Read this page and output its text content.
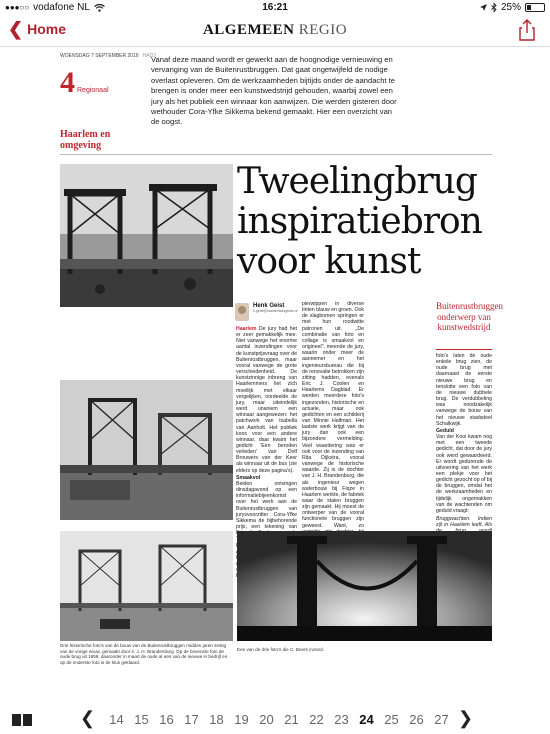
●●●○○ vodafone NL	16:21	25%
❮ Home	ALGEMEEN REGIO
WOENSDAG 7 SEPTEMBER 2016 HAD2
4 Regionaal
Vanaf deze maand wordt er gewerkt aan de hoognodige vernieuwing en vervanging van de Buitenrustbruggen. Dat gaat ongetwijfeld de nodige overlast opleveren. Om de werkzaamheden bijtijds onder de aandacht te brengen is onder meer een kunstwedstrijd gehouden, waarbij zowel een jury als het publiek een winnaar kon aanwijzen. Die werden gisteren door wethouder Cora-Yfke Sikkema bekend gemaakt. Hier een overzicht van de oogst.
Haarlem en omgeving
Tweelingbrug inspiratiebron voor kunst
Henk Geist
h.geist@haarlemsdagblad.nl
Haarlem De jury had het er zeer gemakkelijk mee. Niet vanwege het enorme aantal inzendingen voor de kunstprijsvraag over de Buitenrustbruggen, maar vooral vanwege de grote verscheidenheid. De kunstzinnige inbreng van Haarlemmers liet zich moeilijk met elkaar vergelijken, oordeelde de jury, maar uiteindelijk werd unaniem een winnaar aangewezen: het patchwork van Isabella van Aanholt. Het publiek koos voor een andere winnaar, daar kwam het gedicht 'Een beroden verleden' van Dolf Brouwers van der Keer als winnaar uit de bus (zie elders op deze pagina's).
Smaakvol
Beiden ontvingen dinsdagavond op een informatiebijeenkomst over het werk aan de Buitenrustbruggen van jurysvoorzitter Cora-Yfke Sikkema de bijbehorende prijs, een tekening van
pierwippen in diverse tinten blauw en groen. Ook de slagbomen springen er met hun roodwitte patronen uit. ,,De combinatie van foto en collage is smaakvol en origineel'', meende de jury, waarin onder meer de aannemer en het ingenieursbureau die bij de renovatie betrokken zijn zitting hadden, evenals Eric J. Coolen en Haarlems Dagblad. Er werden meerdere foto's ingezonden, historische en actuele, maar ook gedichten en een schilderij van Minnie Halfman. Het laatste werk krijgt van de jury dan ook een bijzondere vermelding. Veel waardering was er ook voor de inzending van Rita Dijkstra, vooral vanwege de historische waarde. Zij is de dochter van J. H. Brandenburg, die als ingenieur wegen waterbouw bij Fiqze in Haarlem werkte, de fabriek waar de stalen bruggen zijn gemaakt. Hij moest de ontwerper van de vooral functionele bruggen zijn geweest. Want, zo
Buitenrustbruggen onderwerp van kunstwedstrijd
foto's laten de oude enkele brug zien, de oude brug met daarnaast de eerste nieuwe brug en tenslotte een foto van de nieuwe dubbele brug. De verdubbeling was noodzakelijk vanwege de bouw van het nieuwe stadsdeel Schalkwijk.
Geduld
Van der Kooi kwam nog met een tweede gedicht, dat door de jury ook werd gewaardeerd. Er wordt gedurende de uitvoering van het werk een plekje voor het gedicht gezocht op of bij de bruggen, omdat het de werkzaamheden en tijdelijk ongemakken van de wachtenden om geduld vraagt:
Bruggwachten. Indien zijl in Haarlem leeft, Als
Drie historische foto's van de bouw van de Buitenrustbruggen midden jaren zestig van de vorige eeuw, gemaakt door ir. J. H. Brandenburg. Op de bovenste foto de oude brug uit 1959, daaronder in maart de oude al een van de nieuwe in bedrijf en op de onderste foto is de klus geklaard.
Een van de drie foto's die C. Boers inzond.
❮	14 15 16 17 18 19 20 21 22 23 24 25 26 27 ❯
